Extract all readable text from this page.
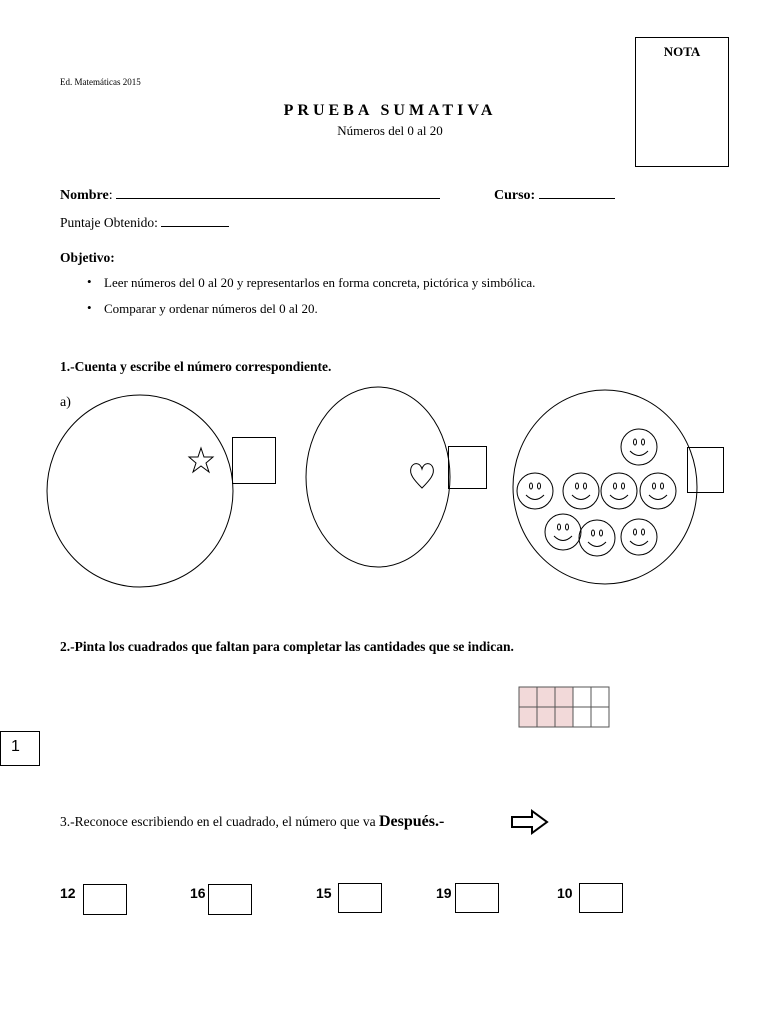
Ed. Matemáticas 2015
PRUEBA SUMATIVA
Números del 0 al 20
NOTA
Nombre:	Curso:
Puntaje Obtenido:
Objetivo:
• Leer números del 0 al 20 y representarlos en forma concreta, pictórica y simbólica.
• Comparar y ordenar números del 0 al 20.
1.-Cuenta y escribe el número correspondiente.
a)
2.-Pinta los cuadrados que faltan para completar las cantidades que se indican.
1
3.-Reconoce escribiendo en el cuadrado, el número que va Después.-
12	16	15	19	10
